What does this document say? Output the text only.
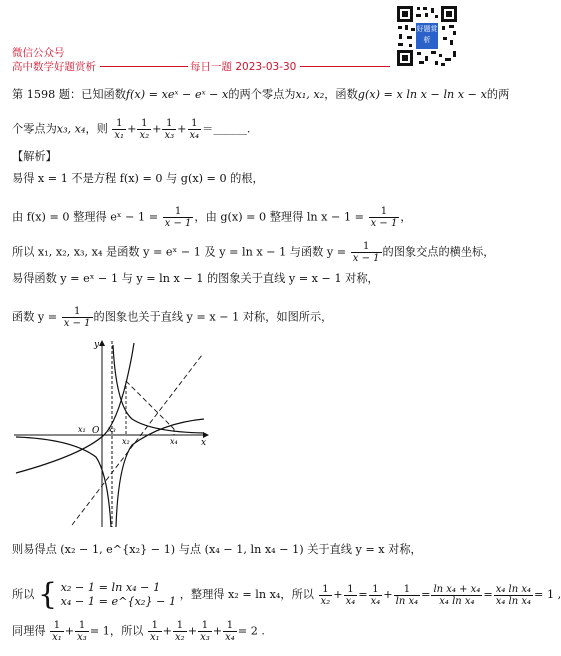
微信公众号
高中数学好题赏析	每日一题 2023-03-30
好题赏析
第 1598 题：已知函数f(x) = xeˣ − eˣ − x的两个零点为x₁, x₂，函数g(x) = x ln x − ln x − x的两
个零点为x₃, x₄，则 $\frac{1}{\text{x₁}} + \frac{1}{\text{x₂}} + \frac{1}{\text{x₃}} + \frac{1}{\text{x₄}}$ ＝______.
【解析】
易得 x = 1 不是方程 f(x) = 0 与 g(x) = 0 的根，
由 f(x) = 0 整理得 eˣ − $1 = \frac{1}{x - 1}$ ，由 g(x) = 0 整理得 $\ln x - 1 = \frac{1}{x - 1}$ ，
所以 x₁, x₂, x₃, x₄ 是函数 y = eˣ − 1 及 y = ln x − 1 与函数 $y = \frac{1}{x - 1}$ 的图象交点的横坐标，
易得函数 y = eˣ − 1 与 y = ln x − 1 的图象关于直线 y = x − 1 对称，
函数 $y = \frac{1}{x - 1}$ 的图象也关于直线 y = x − 1 对称，如图所示，
y
x
O
x₁
x₂
x₃
x₄
则易得点 (x₂ − 1, e^{x₂} − 1) 与点 (x₄ − 1, ln x₄ − 1) 关于直线 y = x 对称，
所以 { x₂ − 1 = ln x₄ − 1
x₄ − 1 = e^{x₂} − 1
，整理得 x₂ = ln x₄，所以 $\frac{1}{\text{x₂}} + \frac{1}{\text{x₄}} = \frac{1}{\text{x₄}} + \frac{1}{\text{ln x₄}} = \frac{\text{ln x₄ + x₄}}{\text{x₄ ln x₄}} = \frac{\text{x₄ ln x₄}}{\text{x₄ ln x₄}} = 1$ ,
同理得 $\frac{1}{\text{x₁}} + \frac{1}{\text{x₃}} = 1$，所以 $\frac{1}{\text{x₁}} + \frac{1}{\text{x₂}} + \frac{1}{\text{x₃}} + \frac{1}{\text{x₄}} = 2$ .
